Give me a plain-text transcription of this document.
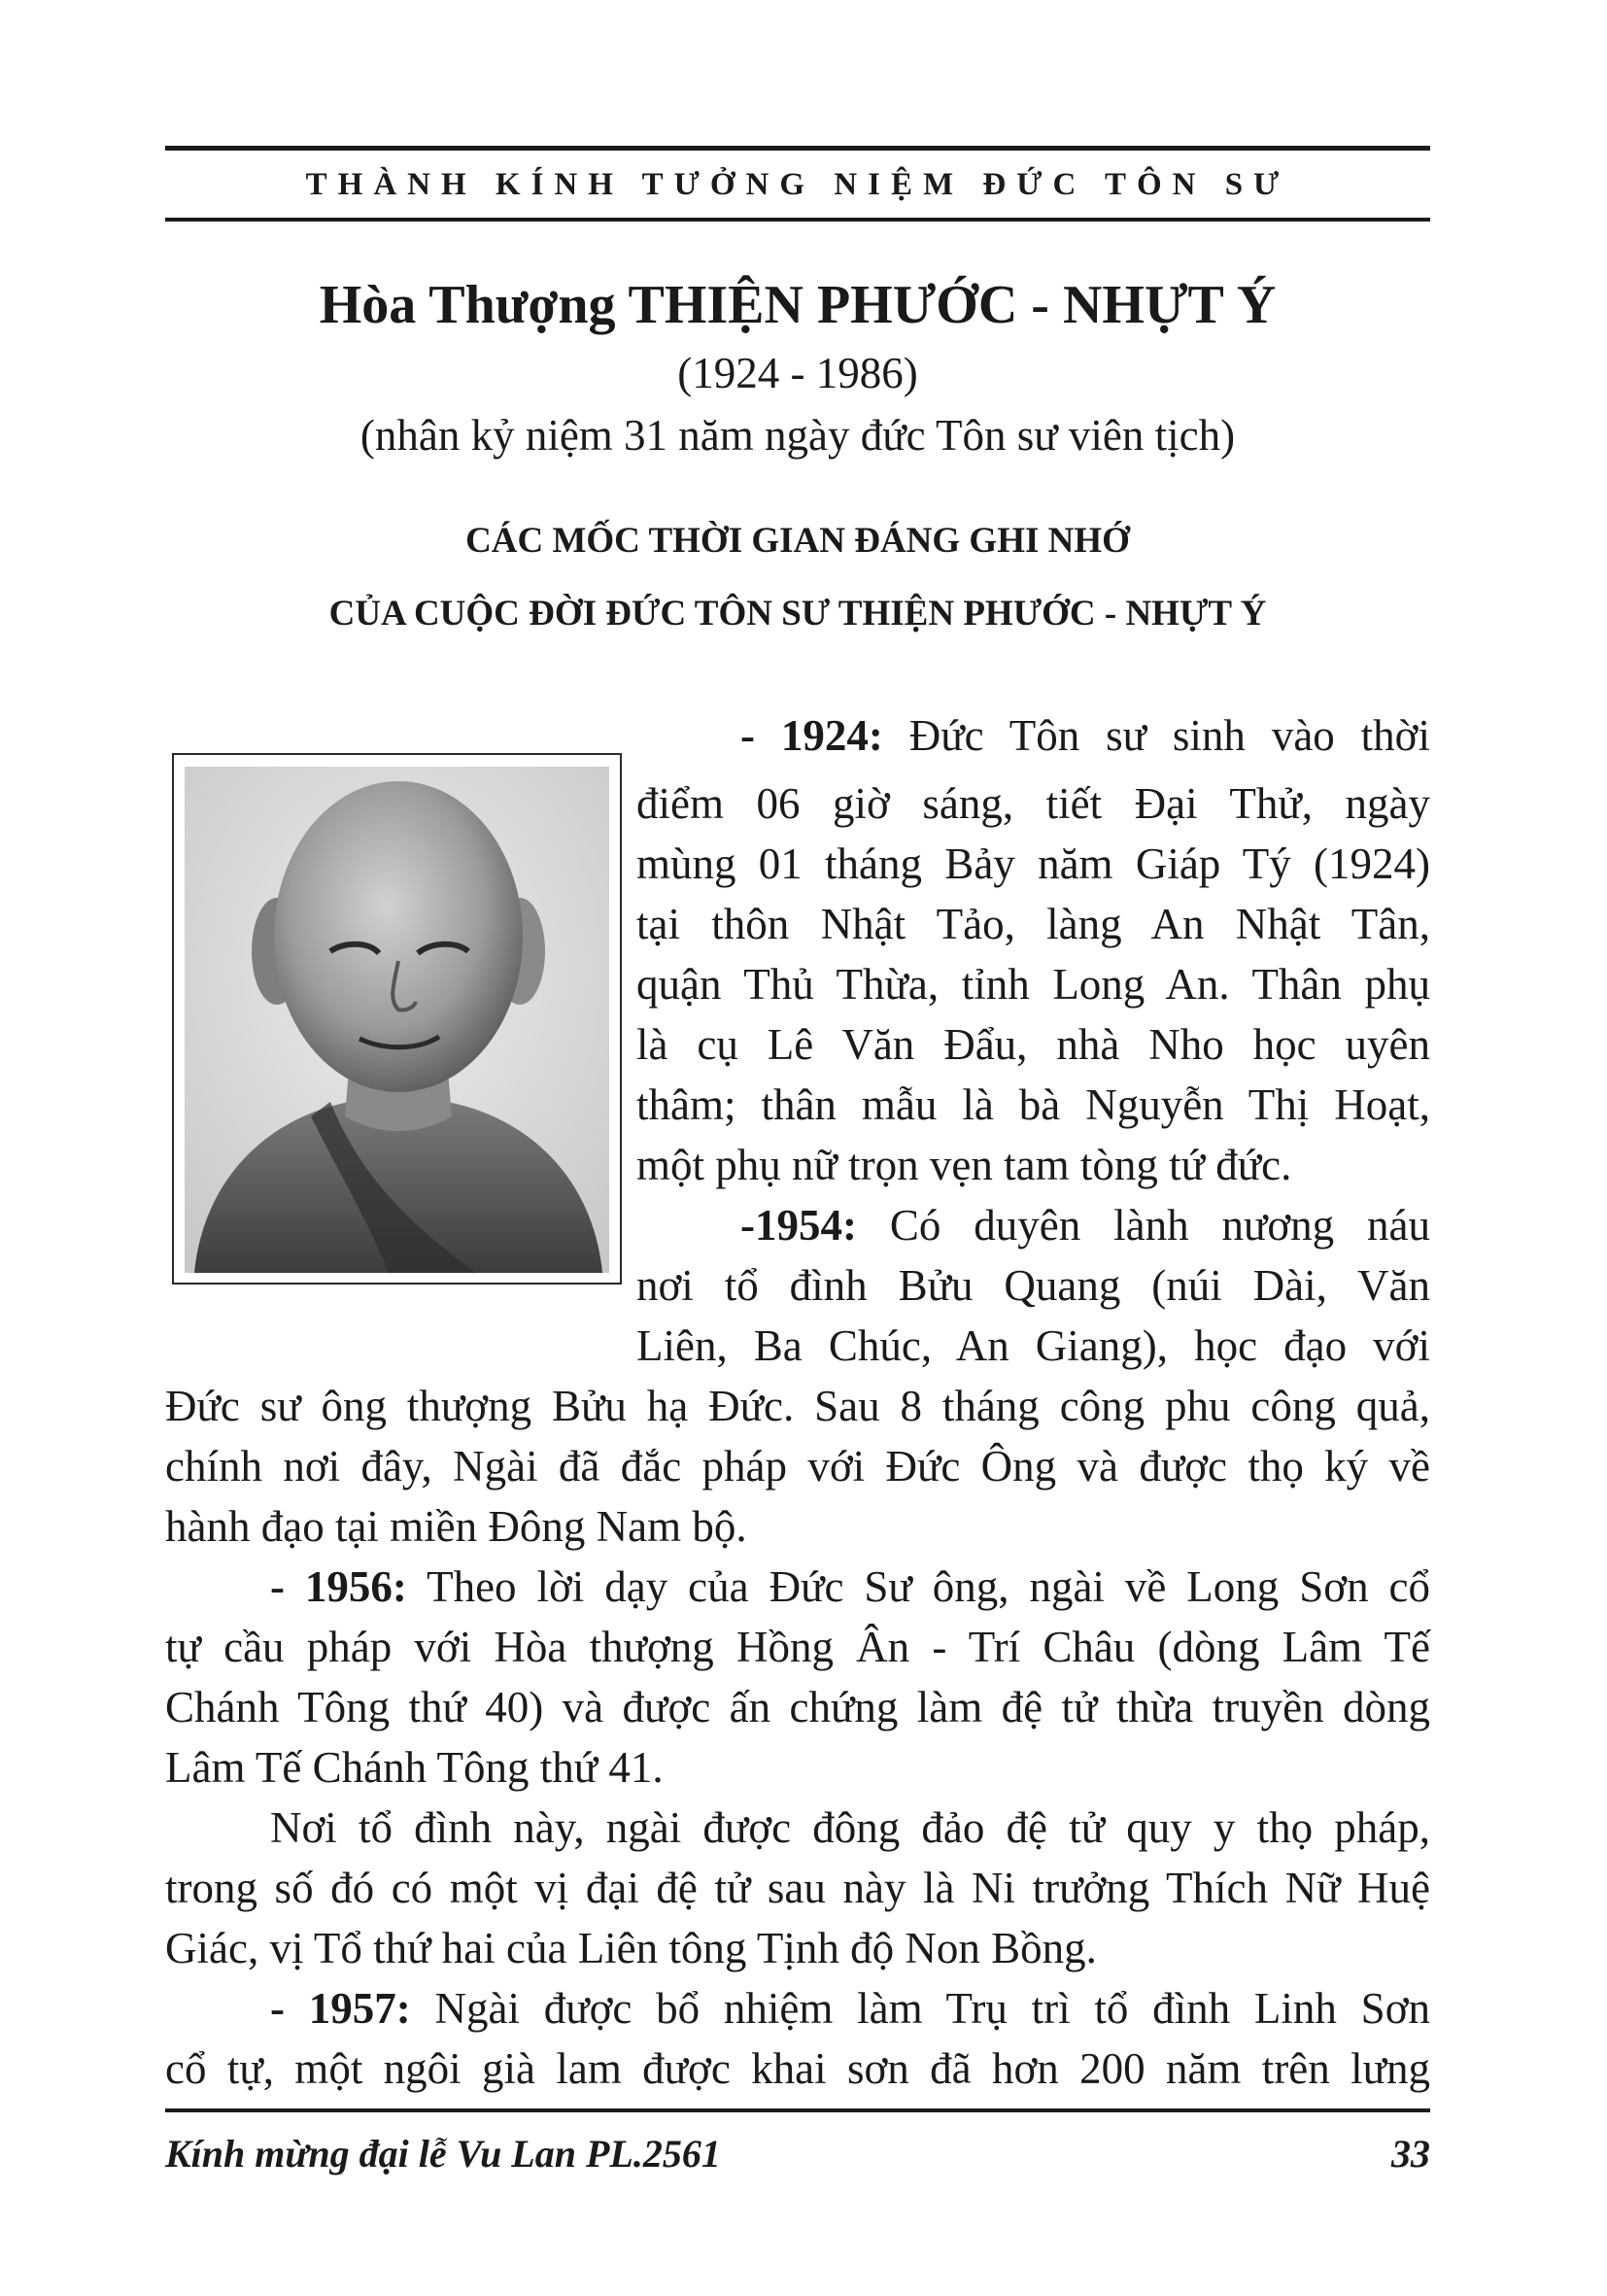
THÀNH KÍNH TƯỞNG NIỆM ĐỨC TÔN SƯ
Hòa Thượng THIỆN PHƯỚC - NHỰT Ý
(1924 - 1986)
(nhân kỷ niệm 31 năm ngày đức Tôn sư viên tịch)
CÁC MỐC THỜI GIAN ĐÁNG GHI NHỚ
CỦA CUỘC ĐỜI ĐỨC TÔN SƯ THIỆN PHƯỚC - NHỰT Ý
- 1924: Đức Tôn sư sinh vào thời
điểm 06 giờ sáng, tiết Đại Thử, ngày
mùng 01 tháng Bảy năm Giáp Tý (1924)
tại thôn Nhật Tảo, làng An Nhật Tân,
quận Thủ Thừa, tỉnh Long An. Thân phụ
là cụ Lê Văn Đẩu, nhà Nho học uyên
thâm; thân mẫu là bà Nguyễn Thị Hoạt,
một phụ nữ trọn vẹn tam tòng tứ đức.
-1954: Có duyên lành nương náu
nơi tổ đình Bửu Quang (núi Dài, Văn
Liên, Ba Chúc, An Giang), học đạo với
Đức sư ông thượng Bửu hạ Đức. Sau 8 tháng công phu công quả,
chính nơi đây, Ngài đã đắc pháp với Đức Ông và được thọ ký về
hành đạo tại miền Đông Nam bộ.
- 1956: Theo lời dạy của Đức Sư ông, ngài về Long Sơn cổ
tự cầu pháp với Hòa thượng Hồng Ân - Trí Châu (dòng Lâm Tế
Chánh Tông thứ 40) và được ấn chứng làm đệ tử thừa truyền dòng
Lâm Tế Chánh Tông thứ 41.
Nơi tổ đình này, ngài được đông đảo đệ tử quy y thọ pháp,
trong số đó có một vị đại đệ tử sau này là Ni trưởng Thích Nữ Huệ
Giác, vị Tổ thứ hai của Liên tông Tịnh độ Non Bồng.
- 1957: Ngài được bổ nhiệm làm Trụ trì tổ đình Linh Sơn
cổ tự, một ngôi già lam được khai sơn đã hơn 200 năm trên lưng
Kính mừng đại lễ Vu Lan PL.2561	33
